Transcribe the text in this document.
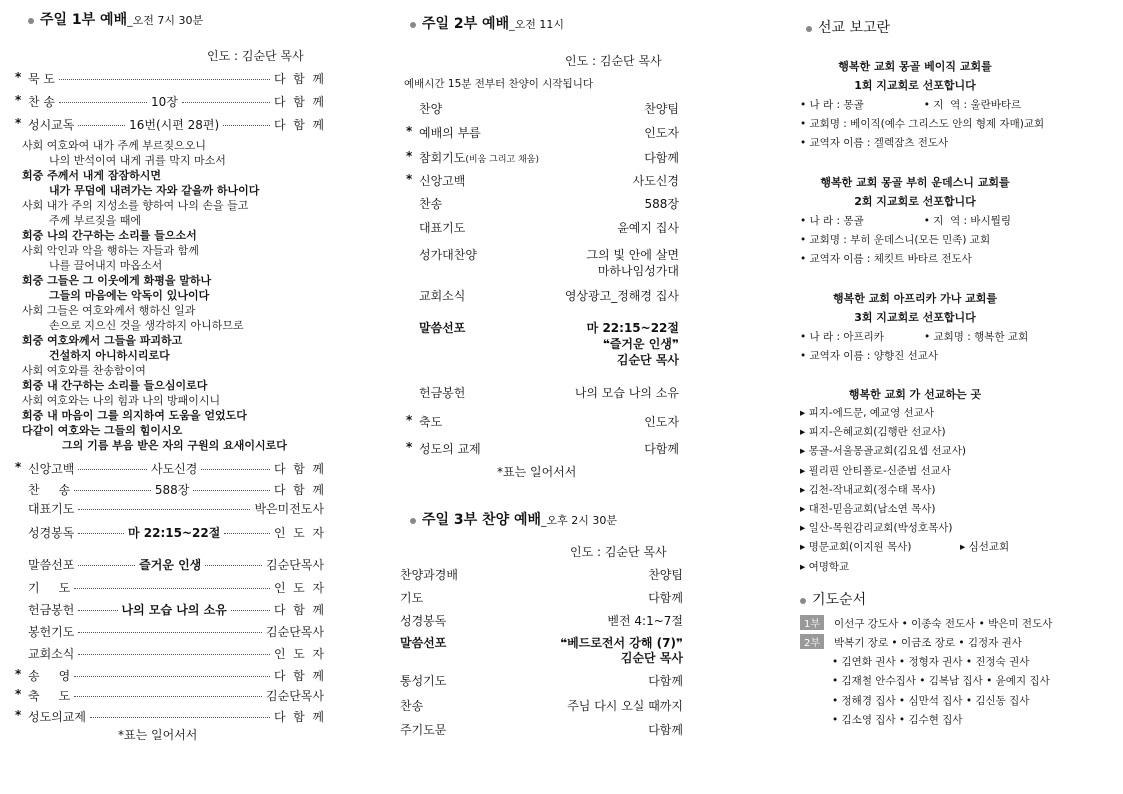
주일 1부 예배_오전 7시 30분
인도 : 김순단 목사
* 묵 도	다  함  께
* 찬 송	10장	다  함  께
* 성시교독	16번(시편 28편)	다  함  께
사회 여호와여 내가 주께 부르짖으오니
나의 반석이여 내게 귀를 막지 마소서
회중 주께서 내게 잠잠하시면
내가 무덤에 내려가는 자와 같을까 하나이다
사회 내가 주의 지성소를 향하여 나의 손을 들고
주께 부르짖을 때에
회중 나의 간구하는 소리를 들으소서
사회 악인과 악을 행하는 자들과 함께
나를 끌어내지 마옵소서
회중 그들은 그 이웃에게 화평을 말하나
그들의 마음에는 악독이 있나이다
사회 그들은 여호와께서 행하신 일과
손으로 지으신 것을 생각하지 아니하므로
회중 여호와께서 그들을 파괴하고
건설하지 아니하시리로다
사회 여호와를 찬송함이여
회중 내 간구하는 소리를 들으심이로다
사회 여호와는 나의 힘과 나의 방패이시니
회중 내 마음이 그를 의지하여 도움을 얻었도다
다같이 여호와는 그들의 힘이시오
그의 기름 부음 받은 자의 구원의 요새이시로다
* 신앙고백	사도신경	다  함  께
찬     송	588장	다  함  께
대표기도	박은미전도사
성경봉독	마 22:15~22절	인  도  자
말씀선포	즐거운 인생	김순단목사
기     도	인  도  자
헌금봉헌	나의 모습 나의 소유	다  함  께
봉헌기도	김순단목사
교회소식	인  도  자
* 송     영	다  함  께
* 축     도	김순단목사
* 성도의교제	다  함  께
*표는 일어서서
주일 2부 예배_오전 11시
인도 : 김순단 목사
예배시간 15분 전부터 찬양이 시작됩니다
찬양	찬양팀
* 예배의 부름	인도자
* 참회기도(비움 그리고 채움)	다함께
* 신앙고백	사도신경
찬송	588장
대표기도	윤예지 집사
성가대찬양	그의 빛 안에 살면
마하나임성가대
교회소식	영상광고_정해경 집사
말씀선포	마 22:15~22절
❝즐거운 인생❞
김순단 목사
헌금봉헌	나의 모습 나의 소유
* 축도	인도자
* 성도의 교제	다함께
*표는 일어서서
주일 3부 찬양 예배_오후 2시 30분
인도 : 김순단 목사
찬양과경배	찬양팀
기도	다함께
성경봉독	벧전 4:1~7절
말씀선포	❝베드로전서 강해 (7)❞
김순단 목사
통성기도	다함께
찬송	주님 다시 오실 때까지
주기도문	다함께
선교 보고란
행복한 교회 몽골 베이직 교회를
1회 지교회로 선포합니다
• 나 라 : 몽골                  • 지  역 : 울란바타르
• 교회명 : 베이직(예수 그리스도 안의 형제 자매)교회
• 교역자 이름 : 겔렉잠츠 전도사
행복한 교회 몽골 부히 운데스니 교회를
2회 지교회로 선포합니다
• 나 라 : 몽골                  • 지  역 : 바시뭘링
• 교회명 : 부히 운데스니(모든 민족) 교회
• 교역자 이름 : 체킷트 바타르 전도사
행복한 교회 아프리카 가나 교회를
3회 지교회로 선포합니다
• 나 라 : 아프리카            • 교회명 : 행복한 교회
• 교역자 이름 : 양향진 선교사
행복한 교회 가 선교하는 곳
▸ 피지-에드문, 예교영 선교사
▸ 피지-은혜교회(김행란 선교사)
▸ 몽골-서울몽골교회(김요셉 선교사)
▸ 필리핀 안티폴로-신준범 선교사
▸ 김천-작내교회(정수태 목사)
▸ 대전-믿음교회(남소연 목사)
▸ 일산-목원감리교회(박성호목사)
▸ 명문교회(이지원 목사)
▸ 여명학교
▸ 심선교회
기도순서
1부 이선구 강도사 • 이종숙 전도사 • 박은미 전도사
2부 박복기 장로 • 이금조 장로 • 김정자 권사
• 김연화 권사 • 정형자 권사 • 진정숙 권사
• 김재철 안수집사 • 김복남 집사 • 윤예지 집사
• 정해경 집사 • 심만석 집사 • 김신동 집사
• 김소영 집사 • 김수현 집사
